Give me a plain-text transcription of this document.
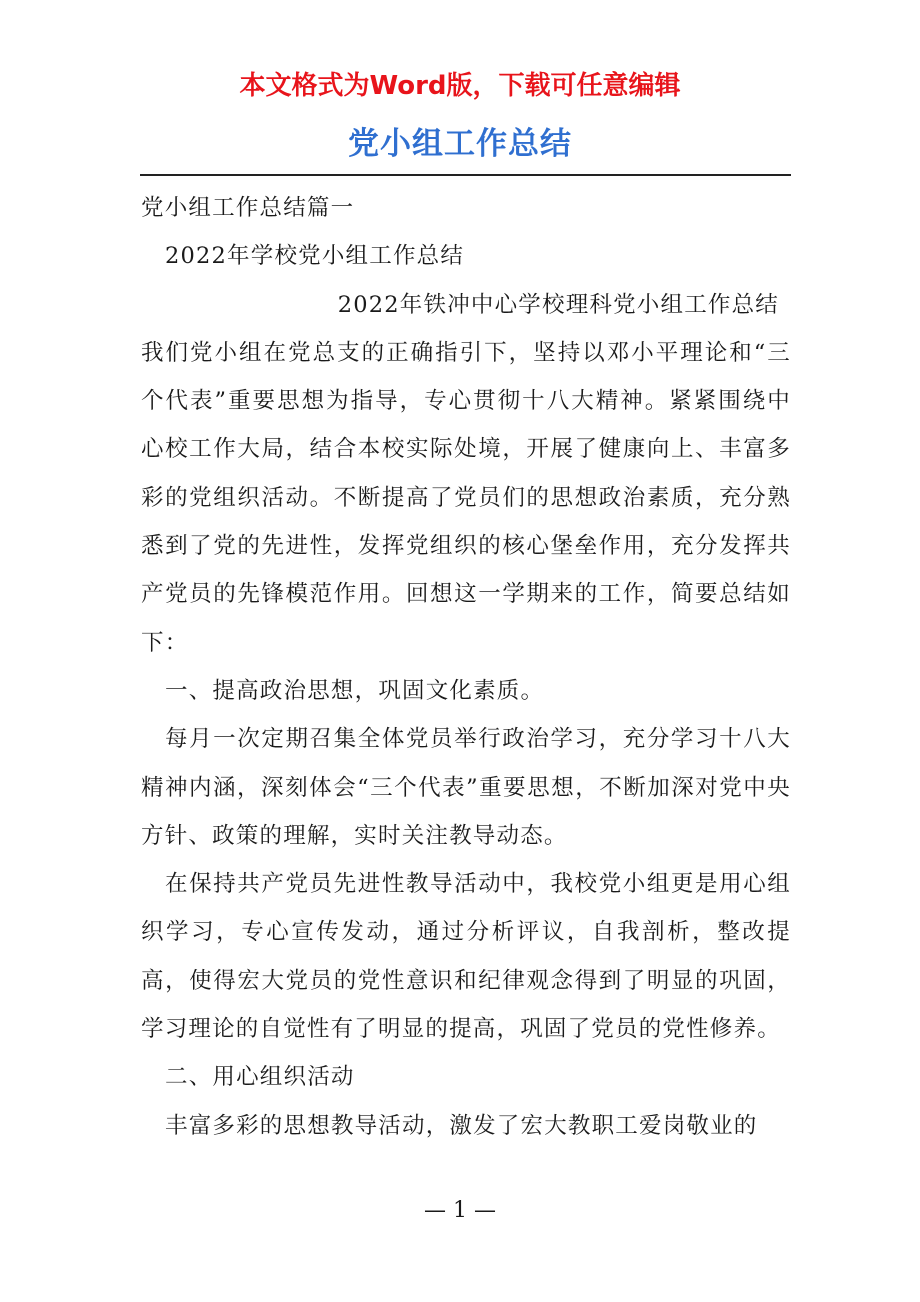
本文格式为Word版，下载可任意编辑
党小组工作总结

党小组工作总结篇一

2022年学校党小组工作总结

2022年铁冲中心学校理科党小组工作总结

我们党小组在党总支的正确指引下，坚持以邓小平理论和“三个代表”重要思想为指导，专心贯彻十八大精神。紧紧围绕中心校工作大局，结合本校实际处境，开展了健康向上、丰富多彩的党组织活动。不断提高了党员们的思想政治素质，充分熟悉到了党的先进性，发挥党组织的核心堡垒作用，充分发挥共产党员的先锋模范作用。回想这一学期来的工作，简要总结如下：

一、提高政治思想，巩固文化素质。

每月一次定期召集全体党员举行政治学习，充分学习十八大精神内涵，深刻体会“三个代表”重要思想，不断加深对党中央方针、政策的理解，实时关注教导动态。

在保持共产党员先进性教导活动中，我校党小组更是用心组织学习，专心宣传发动，通过分析评议，自我剖析，整改提高，使得宏大党员的党性意识和纪律观念得到了明显的巩固，学习理论的自觉性有了明显的提高，巩固了党员的党性修养。

二、用心组织活动

丰富多彩的思想教导活动，激发了宏大教职工爱岗敬业的

— 1 —
